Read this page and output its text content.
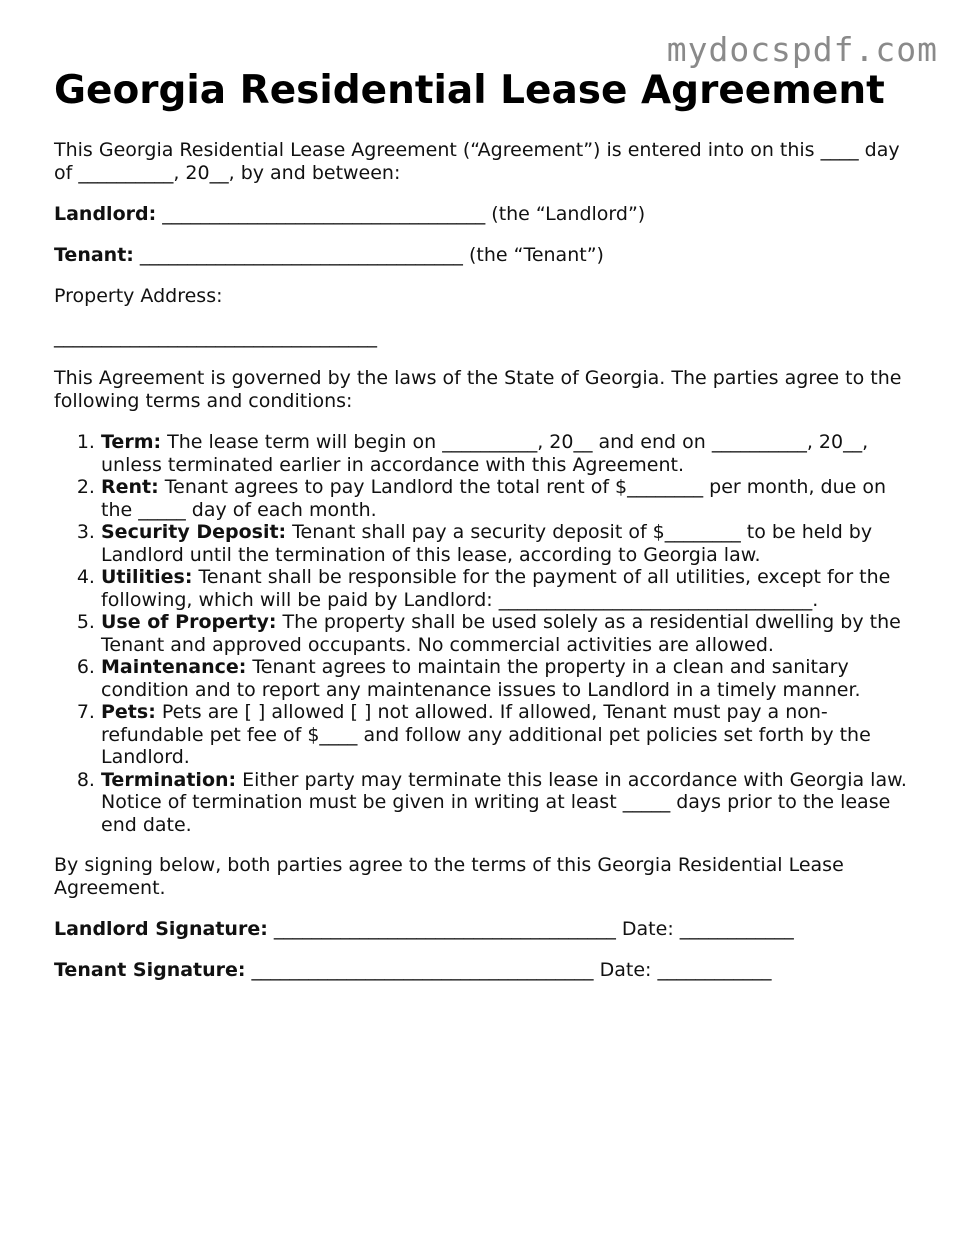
mydocspdf.com
Georgia Residential Lease Agreement

This Georgia Residential Lease Agreement (“Agreement”) is entered into on this ____ day of __________, 20__, by and between:

Landlord: __________________________________ (the “Landlord”)

Tenant: __________________________________ (the “Tenant”)

Property Address:

__________________________________

This Agreement is governed by the laws of the State of Georgia. The parties agree to the following terms and conditions:

1. Term: The lease term will begin on __________, 20__ and end on __________, 20__, unless terminated earlier in accordance with this Agreement.
2. Rent: Tenant agrees to pay Landlord the total rent of $________ per month, due on the _____ day of each month.
3. Security Deposit: Tenant shall pay a security deposit of $________ to be held by Landlord until the termination of this lease, according to Georgia law.
4. Utilities: Tenant shall be responsible for the payment of all utilities, except for the following, which will be paid by Landlord: _________________________________.
5. Use of Property: The property shall be used solely as a residential dwelling by the Tenant and approved occupants. No commercial activities are allowed.
6. Maintenance: Tenant agrees to maintain the property in a clean and sanitary condition and to report any maintenance issues to Landlord in a timely manner.
7. Pets: Pets are [ ] allowed [ ] not allowed. If allowed, Tenant must pay a non-refundable pet fee of $____ and follow any additional pet policies set forth by the Landlord.
8. Termination: Either party may terminate this lease in accordance with Georgia law. Notice of termination must be given in writing at least _____ days prior to the lease end date.

By signing below, both parties agree to the terms of this Georgia Residential Lease Agreement.

Landlord Signature: ____________________________________ Date: ____________

Tenant Signature: ____________________________________ Date: ____________
